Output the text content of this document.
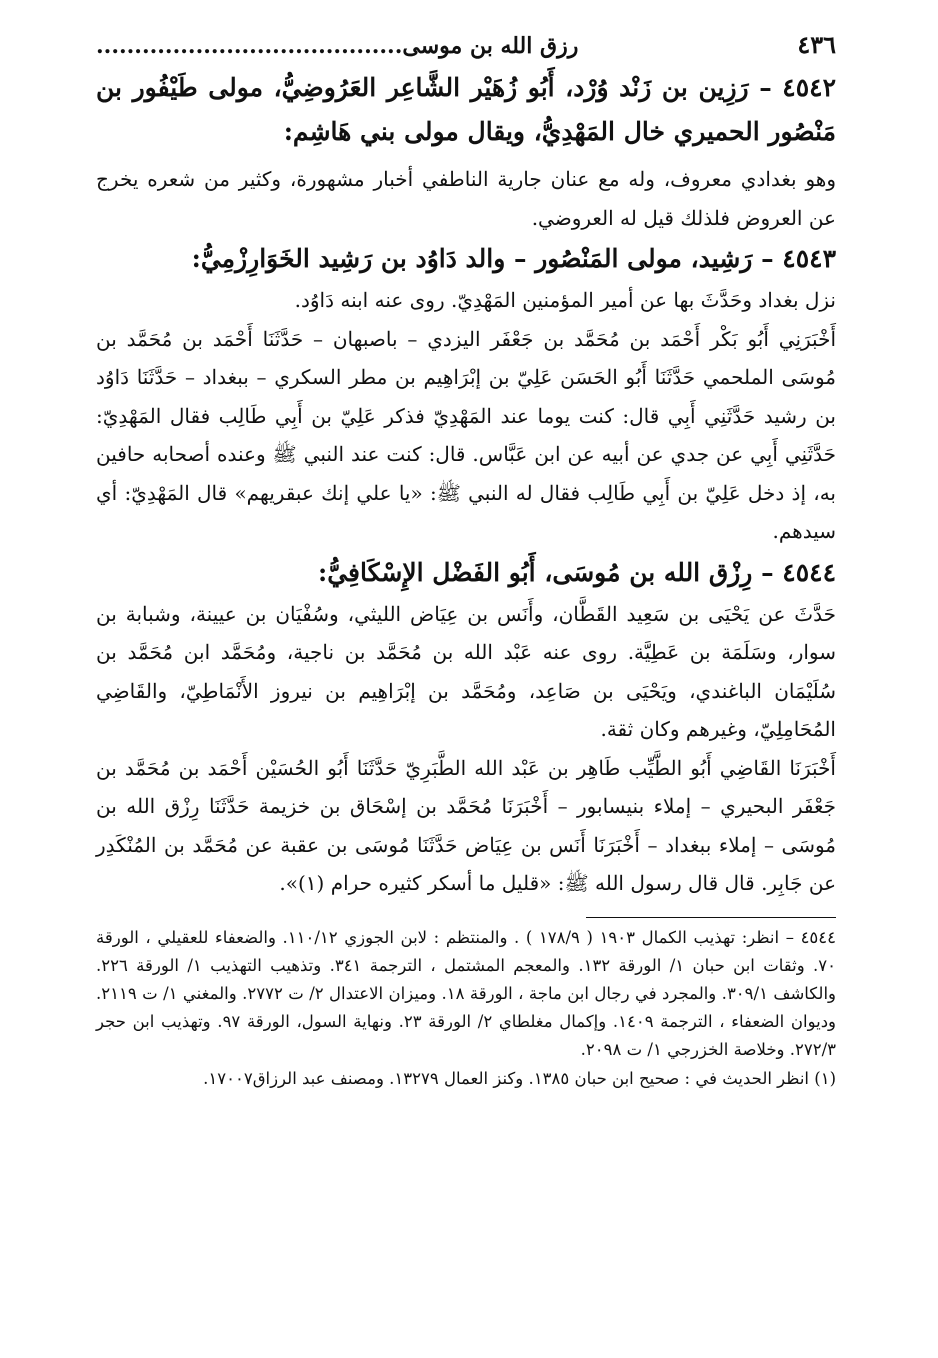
٤٣٦
رزق الله بن موسى........................................
٤٥٤٢ – رَزِين بن زَنْد وُرْد، أَبُو زُهَيْر الشَّاعِر العَرُوضِيُّ، مولى طَيْفُور بن مَنْصُور الحميري خال المَهْدِيُّ، ويقال مولى بني هَاشِم:

وهو بغدادي معروف، وله مع عنان جارية الناطفي أخبار مشهورة، وكثير من شعره يخرج عن العروض فلذلك قيل له العروضي.

٤٥٤٣ – رَشِيد، مولى المَنْصُور – والد دَاوُد بن رَشِيد الخَوَارِزْمِيُّ:

نزل بغداد وحَدَّثَ بها عن أمير المؤمنين المَهْدِيّ. روى عنه ابنه دَاوُد.

أَخْبَرَنِي أَبُو بَكْر أَحْمَد بن مُحَمَّد بن جَعْفَر اليزدي – باصبهان – حَدَّثَنَا أَحْمَد بن مُحَمَّد بن مُوسَى الملحمي حَدَّثَنَا أَبُو الحَسَن عَلِيّ بن إبْرَاهِيم بن مطر السكري – ببغداد – حَدَّثَنَا دَاوُد بن رشيد حَدَّثَنِي أَبِي قال: كنت يوما عند المَهْدِيّ فذكر عَلِيّ بن أَبِي طَالِب فقال المَهْدِيّ: حَدَّثَنِي أَبِي عن جدي عن أبيه عن ابن عَبَّاس. قال: كنت عند النبي ﷺ وعنده أصحابه حافين به، إذ دخل عَلِيّ بن أَبِي طَالِب فقال له النبي ﷺ: «يا علي إنك عبقريهم» قال المَهْدِيّ: أي سيدهم.

٤٥٤٤ – رِزْق الله بن مُوسَى، أَبُو الفَضْل الإِسْكَافِيُّ:

حَدَّثَ عن يَحْيَى بن سَعِيد القَطَّان، وأَنَس بن عِيَاض الليثي، وسُفْيَان بن عيينة، وشبابة بن سوار، وسَلَمَة بن عَطِيَّة. روى عنه عَبْد الله بن مُحَمَّد بن ناجية، ومُحَمَّد ابن مُحَمَّد بن سُلَيْمَان الباغندي، ويَحْيَى بن صَاعِد، ومُحَمَّد بن إبْرَاهِيم بن نيروز الأَنْمَاطِيّ، والقَاضِي المُحَامِلِيّ، وغيرهم وكان ثقة.

أَخْبَرَنَا القَاضِي أَبُو الطَّيِّب طَاهِر بن عَبْد الله الطَّبَرِيّ حَدَّثَنَا أَبُو الحُسَيْن أَحْمَد بن مُحَمَّد بن جَعْفَر البحيري – إملاء بنيسابور – أَخْبَرَنَا مُحَمَّد بن إسْحَاق بن خزيمة حَدَّثَنَا رِزْق الله بن مُوسَى – إملاء ببغداد – أَخْبَرَنَا أَنَس بن عِيَاض حَدَّثَنَا مُوسَى بن عقبة عن مُحَمَّد بن المُنْكَدِر عن جَابِر. قال قال رسول الله ﷺ: «قليل ما أسكر كثيره حرام (١)».

٤٥٤٤ – انظر: تهذيب الكمال ١٩٠٣ ( ١٧٨/٩ ) . والمنتظم : لابن الجوزي ١١٠/١٢. والضعفاء للعقيلي ، الورقة ٧٠. وثقات ابن حبان ١/ الورقة ١٣٢. والمعجم المشتمل ، الترجمة ٣٤١. وتذهيب التهذيب ١/ الورقة ٢٢٦. والكاشف ٣٠٩/١. والمجرد في رجال ابن ماجة ، الورقة ١٨. وميزان الاعتدال ٢/ ت ٢٧٧٢. والمغني ١/ ت ٢١١٩. وديوان الضعفاء ، الترجمة ١٤٠٩. وإكمال مغلطاي ٢/ الورقة ٢٣. ونهاية السول، الورقة ٩٧. وتهذيب ابن حجر ٢٧٢/٣. وخلاصة الخزرجي ١/ ت ٢٠٩٨.

(١) انظر الحديث في : صحيح ابن حبان ١٣٨٥. وكنز العمال ١٣٢٧٩. ومصنف عبد الرزاق١٧٠٠٧.
